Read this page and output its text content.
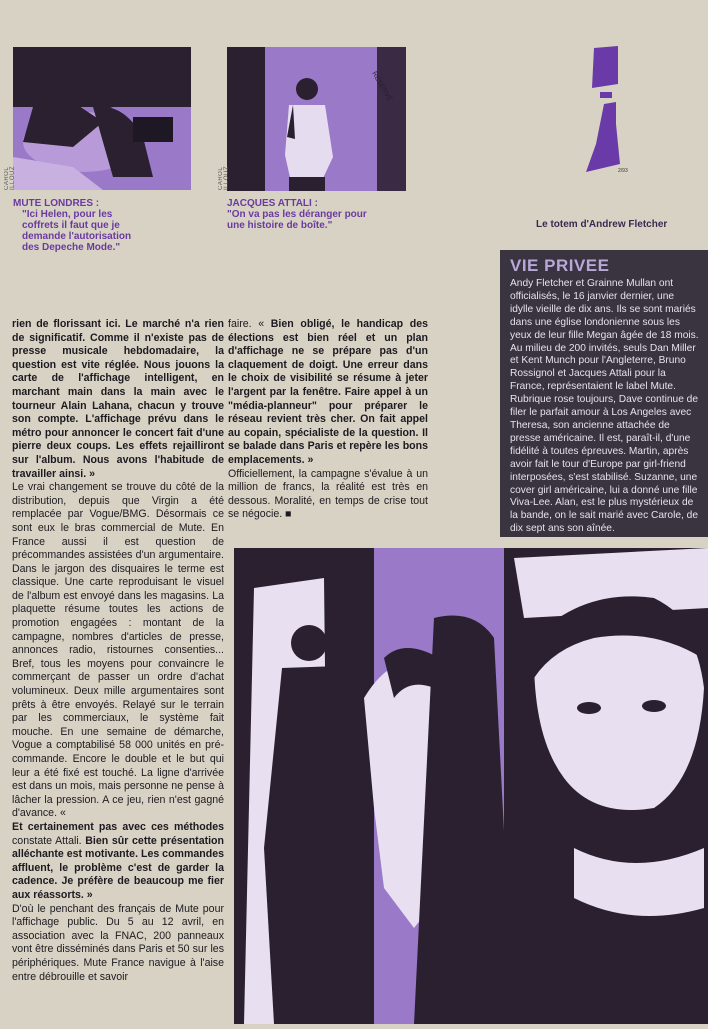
CAROL ILLOUZ
RESERVÉ
CAROL ILLOUZ	2/93
MUTE LONDRES :
"Ici Helen, pour les coffrets il faut que je demande l'autorisation des Depeche Mode."
JACQUES ATTALI :
"On va pas les déranger pour une histoire de boîte."	Le totem d'Andrew Fletcher
VIE PRIVEE
Andy Fletcher et Grainne Mullan ont officialisés, le 16 janvier dernier, une idylle vieille de dix ans. Ils se sont mariés dans une église londonienne sous les yeux de leur fille Megan âgée de 18 mois. Au milieu de 200 invités, seuls Dan Miller et Kent Munch pour l'Angleterre, Bruno Rossignol et Jacques Attali pour la France, représentaient le label Mute. Rubrique rose toujours, Dave continue de filer le parfait amour à Los Angeles avec Theresa, son ancienne attachée de presse américaine. Il est, paraît-il, d'une fidélité à toutes épreuves. Martin, après avoir fait le tour d'Europe par girl-friend interposées, s'est stabilisé. Suzanne, une cover girl américaine, lui a donné une fille Viva-Lee. Alan, est le plus mystérieux de la bande, on le sait marié avec Carole, de dix sept ans son aînée.

rien de florissant ici. Le marché n'a rien de significatif. Comme il n'existe pas de presse musicale hebdomadaire, la question est vite réglée. Nous jouons la carte de l'affichage intelligent, en marchant main dans la main avec le tourneur Alain Lahana, chacun y trouve son compte. L'affichage prévu dans le métro pour annoncer le concert fait d'une pierre deux coups. Les effets rejailliront sur l'album. Nous avons l'habitude de travailler ainsi. »

Le vrai changement se trouve du côté de la distribution, depuis que Virgin a été remplacée par Vogue/BMG. Désormais ce sont eux le bras commercial de Mute. En France aussi il est question de précommandes assistées d'un argumentaire. Dans le jargon des disquaires le terme est classique. Une carte reproduisant le visuel de l'album est envoyé dans les magasins. La plaquette résume toutes les actions de promotion engagées : montant de la campagne, nombres d'articles de presse, annonces radio, ristournes consenties... Bref, tous les moyens pour convaincre le commerçant de passer un ordre d'achat volumineux. Deux mille argumentaires sont prêts à être envoyés. Relayé sur le terrain par les commerciaux, le système fait mouche. En une semaine de démarche, Vogue a comptabilisé 58 000 unités en pré-commande. Encore le double et le but qui leur a été fixé est touché. La ligne d'arrivée est dans un mois, mais personne ne pense à lâcher la pression. A ce jeu, rien n'est gagné d'avance. «

Et certainement pas avec ces méthodes constate Attali. Bien sûr cette présentation alléchante est motivante. Les commandes affluent, le problème c'est de garder la cadence. Je préfère de beaucoup me fier aux réassorts. »

D'où le penchant des français de Mute pour l'affichage public. Du 5 au 12 avril, en association avec la FNAC, 200 panneaux vont être disséminés dans Paris et 50 sur les périphériques. Mute France navigue à l'aise entre débrouille et savoir

faire. « Bien obligé, le handicap des élections est bien réel et un plan d'affichage ne se prépare pas d'un claquement de doigt. Une erreur dans le choix de visibilité se résume à jeter l'argent par la fenêtre. Faire appel à un "média-planneur" pour préparer le réseau revient très cher. On fait appel au copain, spécialiste de la question. Il se balade dans Paris et repère les bons emplacements. »

Officiellement, la campagne s'évalue à un million de francs, la réalité est très en dessous. Moralité, en temps de crise tout se négocie. ■
